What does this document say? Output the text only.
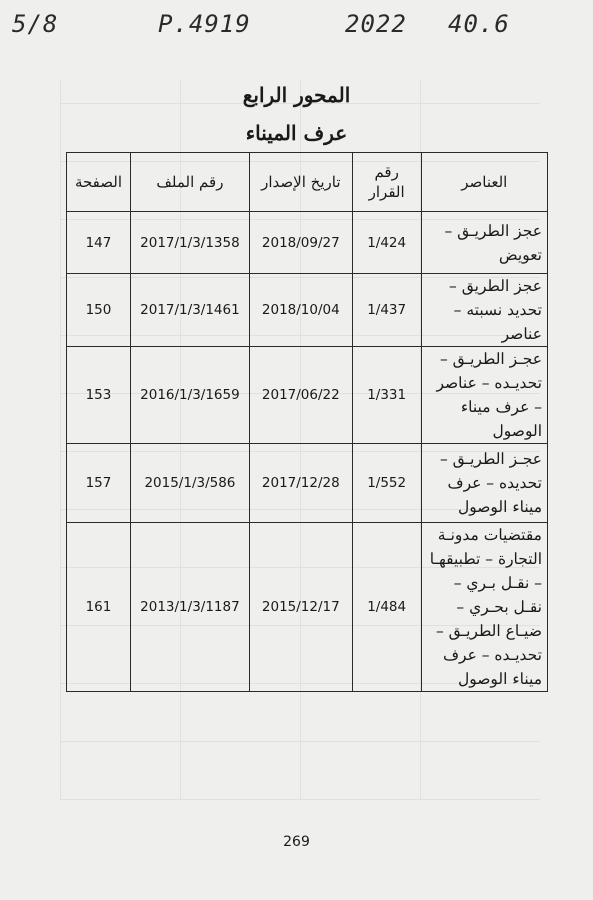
5/8	P.4919	2022 40.6

المحور الرابع

عرف الميناء

العناصر	رقم القرار	تاريخ الإصدار	رقم الملف	الصفحة
عجز الطريـق – تعويض	1/424	2018/09/27	2017/1/3/1358	147
عجز الطريق – تحديد نسبته – عناصر	1/437	2018/10/04	2017/1/3/1461	150
عجـز الطريـق – تحديـده – عناصر – عرف ميناء الوصول	1/331	2017/06/22	2016/1/3/1659	153
عجـز الطريـق – تحديده – عرف ميناء الوصول	1/552	2017/12/28	2015/1/3/586	157
مقتضيات مدونـة التجارة – تطبيقهـا – نقـل بـري – نقـل بحـري – ضيـاع الطريـق – تحديـده – عرف ميناء الوصول	1/484	2015/12/17	2013/1/3/1187	161
269
